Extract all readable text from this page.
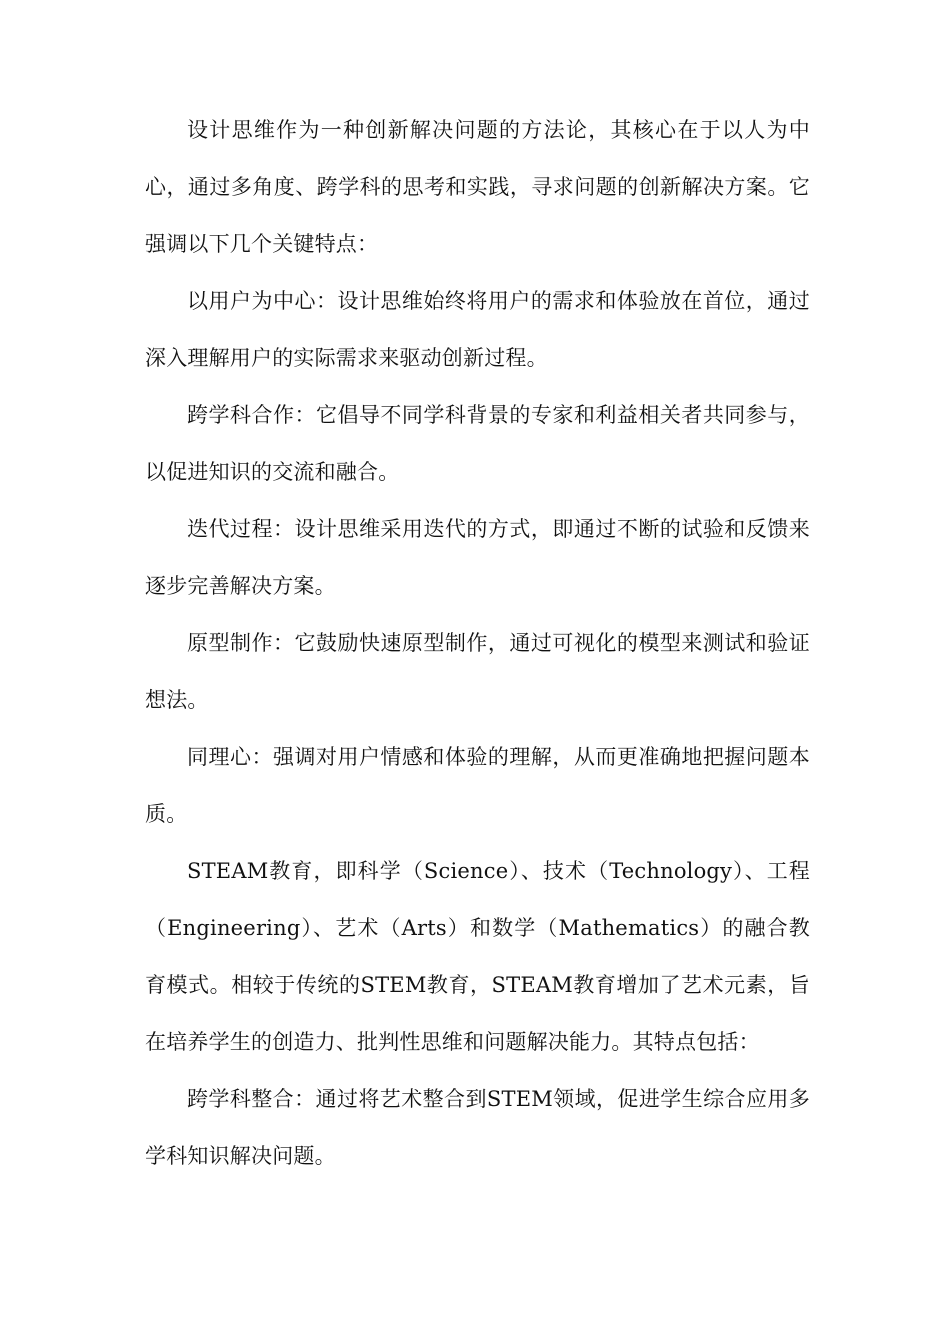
设计思维作为一种创新解决问题的方法论，其核心在于以人为中心，通过多角度、跨学科的思考和实践，寻求问题的创新解决方案。它强调以下几个关键特点：

以用户为中心：设计思维始终将用户的需求和体验放在首位，通过深入理解用户的实际需求来驱动创新过程。

跨学科合作：它倡导不同学科背景的专家和利益相关者共同参与，以促进知识的交流和融合。

迭代过程：设计思维采用迭代的方式，即通过不断的试验和反馈来逐步完善解决方案。

原型制作：它鼓励快速原型制作，通过可视化的模型来测试和验证想法。

同理心：强调对用户情感和体验的理解，从而更准确地把握问题本质。

STEAM教育，即科学（Science）、技术（Technology）、工程（Engineering）、艺术（Arts）和数学（Mathematics）的融合教育模式。相较于传统的STEM教育，STEAM教育增加了艺术元素，旨在培养学生的创造力、批判性思维和问题解决能力。其特点包括：

跨学科整合：通过将艺术整合到STEM领域，促进学生综合应用多学科知识解决问题。
